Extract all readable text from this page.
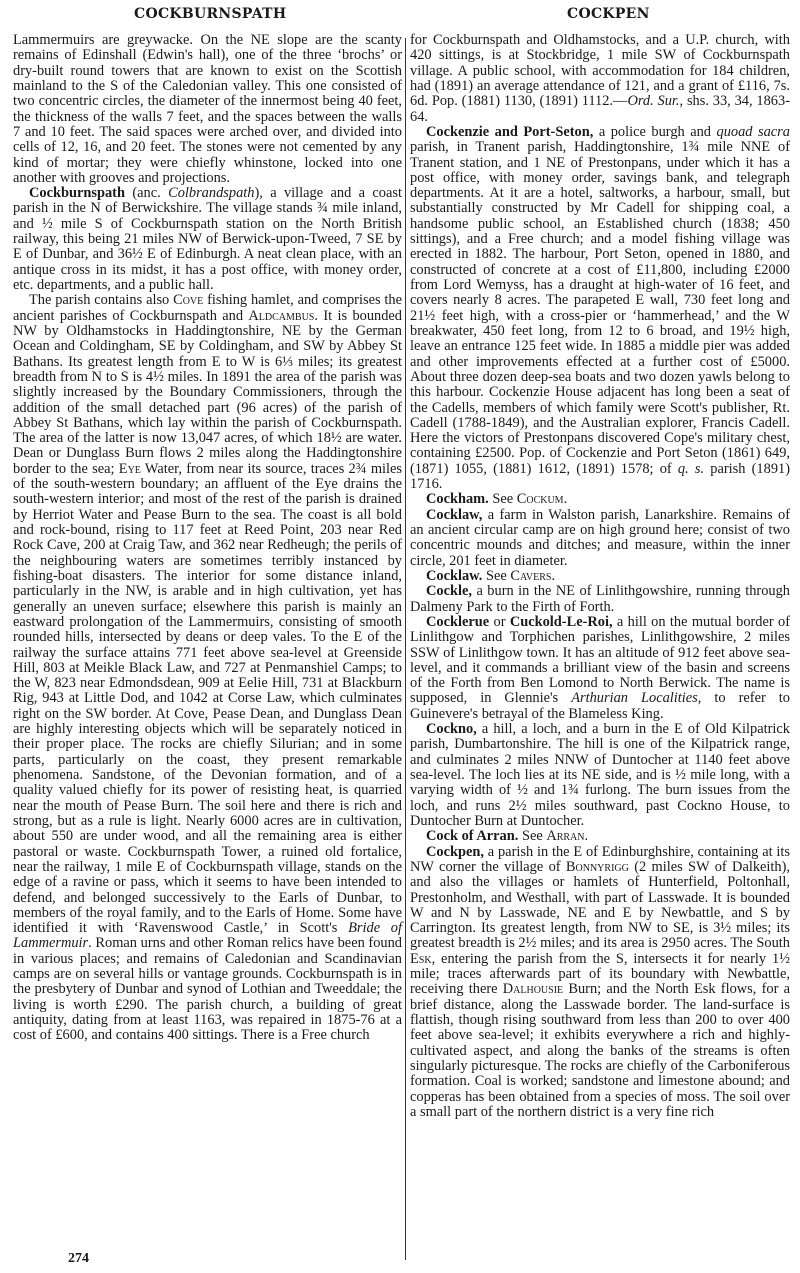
COCKBURNSPATH	COCKPEN

Lammermuirs are greywacke. On the NE slope are the scanty remains of Edinshall (Edwin's hall), one of the three ‘brochs’ or dry-built round towers that are known to exist on the Scottish mainland to the S of the Caledonian valley. This one consisted of two concentric circles, the diameter of the innermost being 40 feet, the thickness of the walls 7 feet, and the spaces between the walls 7 and 10 feet. The said spaces were arched over, and divided into cells of 12, 16, and 20 feet. The stones were not cemented by any kind of mortar; they were chiefly whinstone, locked into one another with grooves and projections.

Cockburnspath (anc. Colbrandspath), a village and a coast parish in the N of Berwickshire. The village stands ¾ mile inland, and ½ mile S of Cockburnspath station on the North British railway, this being 21 miles NW of Berwick-upon-Tweed, 7 SE by E of Dunbar, and 36½ E of Edinburgh. A neat clean place, with an antique cross in its midst, it has a post office, with money order, etc. departments, and a public hall.

The parish contains also Cove fishing hamlet, and comprises the ancient parishes of Cockburnspath and Aldcambus. It is bounded NW by Oldhamstocks in Haddingtonshire, NE by the German Ocean and Coldingham, SE by Coldingham, and SW by Abbey St Bathans. Its greatest length from E to W is 6⅓ miles; its greatest breadth from N to S is 4½ miles. In 1891 the area of the parish was slightly increased by the Boundary Commissioners, through the addition of the small detached part (96 acres) of the parish of Abbey St Bathans, which lay within the parish of Cockburnspath. The area of the latter is now 13,047 acres, of which 18½ are water. Dean or Dunglass Burn flows 2 miles along the Haddingtonshire border to the sea; Eye Water, from near its source, traces 2¾ miles of the south-western boundary; an affluent of the Eye drains the south-western interior; and most of the rest of the parish is drained by Herriot Water and Pease Burn to the sea. The coast is all bold and rock-bound, rising to 117 feet at Reed Point, 203 near Red Rock Cave, 200 at Craig Taw, and 362 near Redheugh; the perils of the neighbouring waters are sometimes terribly instanced by fishing-boat disasters. The interior for some distance inland, particularly in the NW, is arable and in high cultivation, yet has generally an uneven surface; elsewhere this parish is mainly an eastward prolongation of the Lammermuirs, consisting of smooth rounded hills, intersected by deans or deep vales. To the E of the railway the surface attains 771 feet above sea-level at Greenside Hill, 803 at Meikle Black Law, and 727 at Penmanshiel Camps; to the W, 823 near Edmondsdean, 909 at Eelie Hill, 731 at Blackburn Rig, 943 at Little Dod, and 1042 at Corse Law, which culminates right on the SW border. At Cove, Pease Dean, and Dunglass Dean are highly interesting objects which will be separately noticed in their proper place. The rocks are chiefly Silurian; and in some parts, particularly on the coast, they present remarkable phenomena. Sandstone, of the Devonian formation, and of a quality valued chiefly for its power of resisting heat, is quarried near the mouth of Pease Burn. The soil here and there is rich and strong, but as a rule is light. Nearly 6000 acres are in cultivation, about 550 are under wood, and all the remaining area is either pastoral or waste. Cockburnspath Tower, a ruined old fortalice, near the railway, 1 mile E of Cockburnspath village, stands on the edge of a ravine or pass, which it seems to have been intended to defend, and belonged successively to the Earls of Dunbar, to members of the royal family, and to the Earls of Home. Some have identified it with ‘Ravenswood Castle,’ in Scott's Bride of Lammermuir. Roman urns and other Roman relics have been found in various places; and remains of Caledonian and Scandinavian camps are on several hills or vantage grounds. Cockburnspath is in the presbytery of Dunbar and synod of Lothian and Tweeddale; the living is worth £290. The parish church, a building of great antiquity, dating from at least 1163, was repaired in 1875-76 at a cost of £600, and contains 400 sittings. There is a Free church

for Cockburnspath and Oldhamstocks, and a U.P. church, with 420 sittings, is at Stockbridge, 1 mile SW of Cockburnspath village. A public school, with accommodation for 184 children, had (1891) an average attendance of 121, and a grant of £116, 7s. 6d. Pop. (1881) 1130, (1891) 1112.—Ord. Sur., shs. 33, 34, 1863-64.

Cockenzie and Port-Seton, a police burgh and quoad sacra parish, in Tranent parish, Haddingtonshire, 1¾ mile NNE of Tranent station, and 1 NE of Prestonpans, under which it has a post office, with money order, savings bank, and telegraph departments. At it are a hotel, saltworks, a harbour, small, but substantially constructed by Mr Cadell for shipping coal, a handsome public school, an Established church (1838; 450 sittings), and a Free church; and a model fishing village was erected in 1882. The harbour, Port Seton, opened in 1880, and constructed of concrete at a cost of £11,800, including £2000 from Lord Wemyss, has a draught at high-water of 16 feet, and covers nearly 8 acres. The parapeted E wall, 730 feet long and 21½ feet high, with a cross-pier or ‘hammerhead,’ and the W breakwater, 450 feet long, from 12 to 6 broad, and 19½ high, leave an entrance 125 feet wide. In 1885 a middle pier was added and other improvements effected at a further cost of £5000. About three dozen deep-sea boats and two dozen yawls belong to this harbour. Cockenzie House adjacent has long been a seat of the Cadells, members of which family were Scott's publisher, Rt. Cadell (1788-1849), and the Australian explorer, Francis Cadell. Here the victors of Prestonpans discovered Cope's military chest, containing £2500. Pop. of Cockenzie and Port Seton (1861) 649, (1871) 1055, (1881) 1612, (1891) 1578; of q. s. parish (1891) 1716.

Cockham. See Cockum.

Cocklaw, a farm in Walston parish, Lanarkshire. Remains of an ancient circular camp are on high ground here; consist of two concentric mounds and ditches; and measure, within the inner circle, 201 feet in diameter.

Cocklaw. See Cavers.

Cockle, a burn in the NE of Linlithgowshire, running through Dalmeny Park to the Firth of Forth.

Cocklerue or Cuckold-Le-Roi, a hill on the mutual border of Linlithgow and Torphichen parishes, Linlithgowshire, 2 miles SSW of Linlithgow town. It has an altitude of 912 feet above sea-level, and it commands a brilliant view of the basin and screens of the Forth from Ben Lomond to North Berwick. The name is supposed, in Glennie's Arthurian Localities, to refer to Guinevere's betrayal of the Blameless King.

Cockno, a hill, a loch, and a burn in the E of Old Kilpatrick parish, Dumbartonshire. The hill is one of the Kilpatrick range, and culminates 2 miles NNW of Duntocher at 1140 feet above sea-level. The loch lies at its NE side, and is ½ mile long, with a varying width of ½ and 1¾ furlong. The burn issues from the loch, and runs 2½ miles southward, past Cockno House, to Duntocher Burn at Duntocher.

Cock of Arran. See Arran.

Cockpen, a parish in the E of Edinburghshire, containing at its NW corner the village of Bonnyrigg (2 miles SW of Dalkeith), and also the villages or hamlets of Hunterfield, Poltonhall, Prestonholm, and Westhall, with part of Lasswade. It is bounded W and N by Lasswade, NE and E by Newbattle, and S by Carrington. Its greatest length, from NW to SE, is 3½ miles; its greatest breadth is 2½ miles; and its area is 2950 acres. The South Esk, entering the parish from the S, intersects it for nearly 1½ mile; traces afterwards part of its boundary with Newbattle, receiving there Dalhousie Burn; and the North Esk flows, for a brief distance, along the Lasswade border. The land-surface is flattish, though rising southward from less than 200 to over 400 feet above sea-level; it exhibits everywhere a rich and highly-cultivated aspect, and along the banks of the streams is often singularly picturesque. The rocks are chiefly of the Carboniferous formation. Coal is worked; sandstone and limestone abound; and copperas has been obtained from a species of moss. The soil over a small part of the northern district is a very fine rich

274
